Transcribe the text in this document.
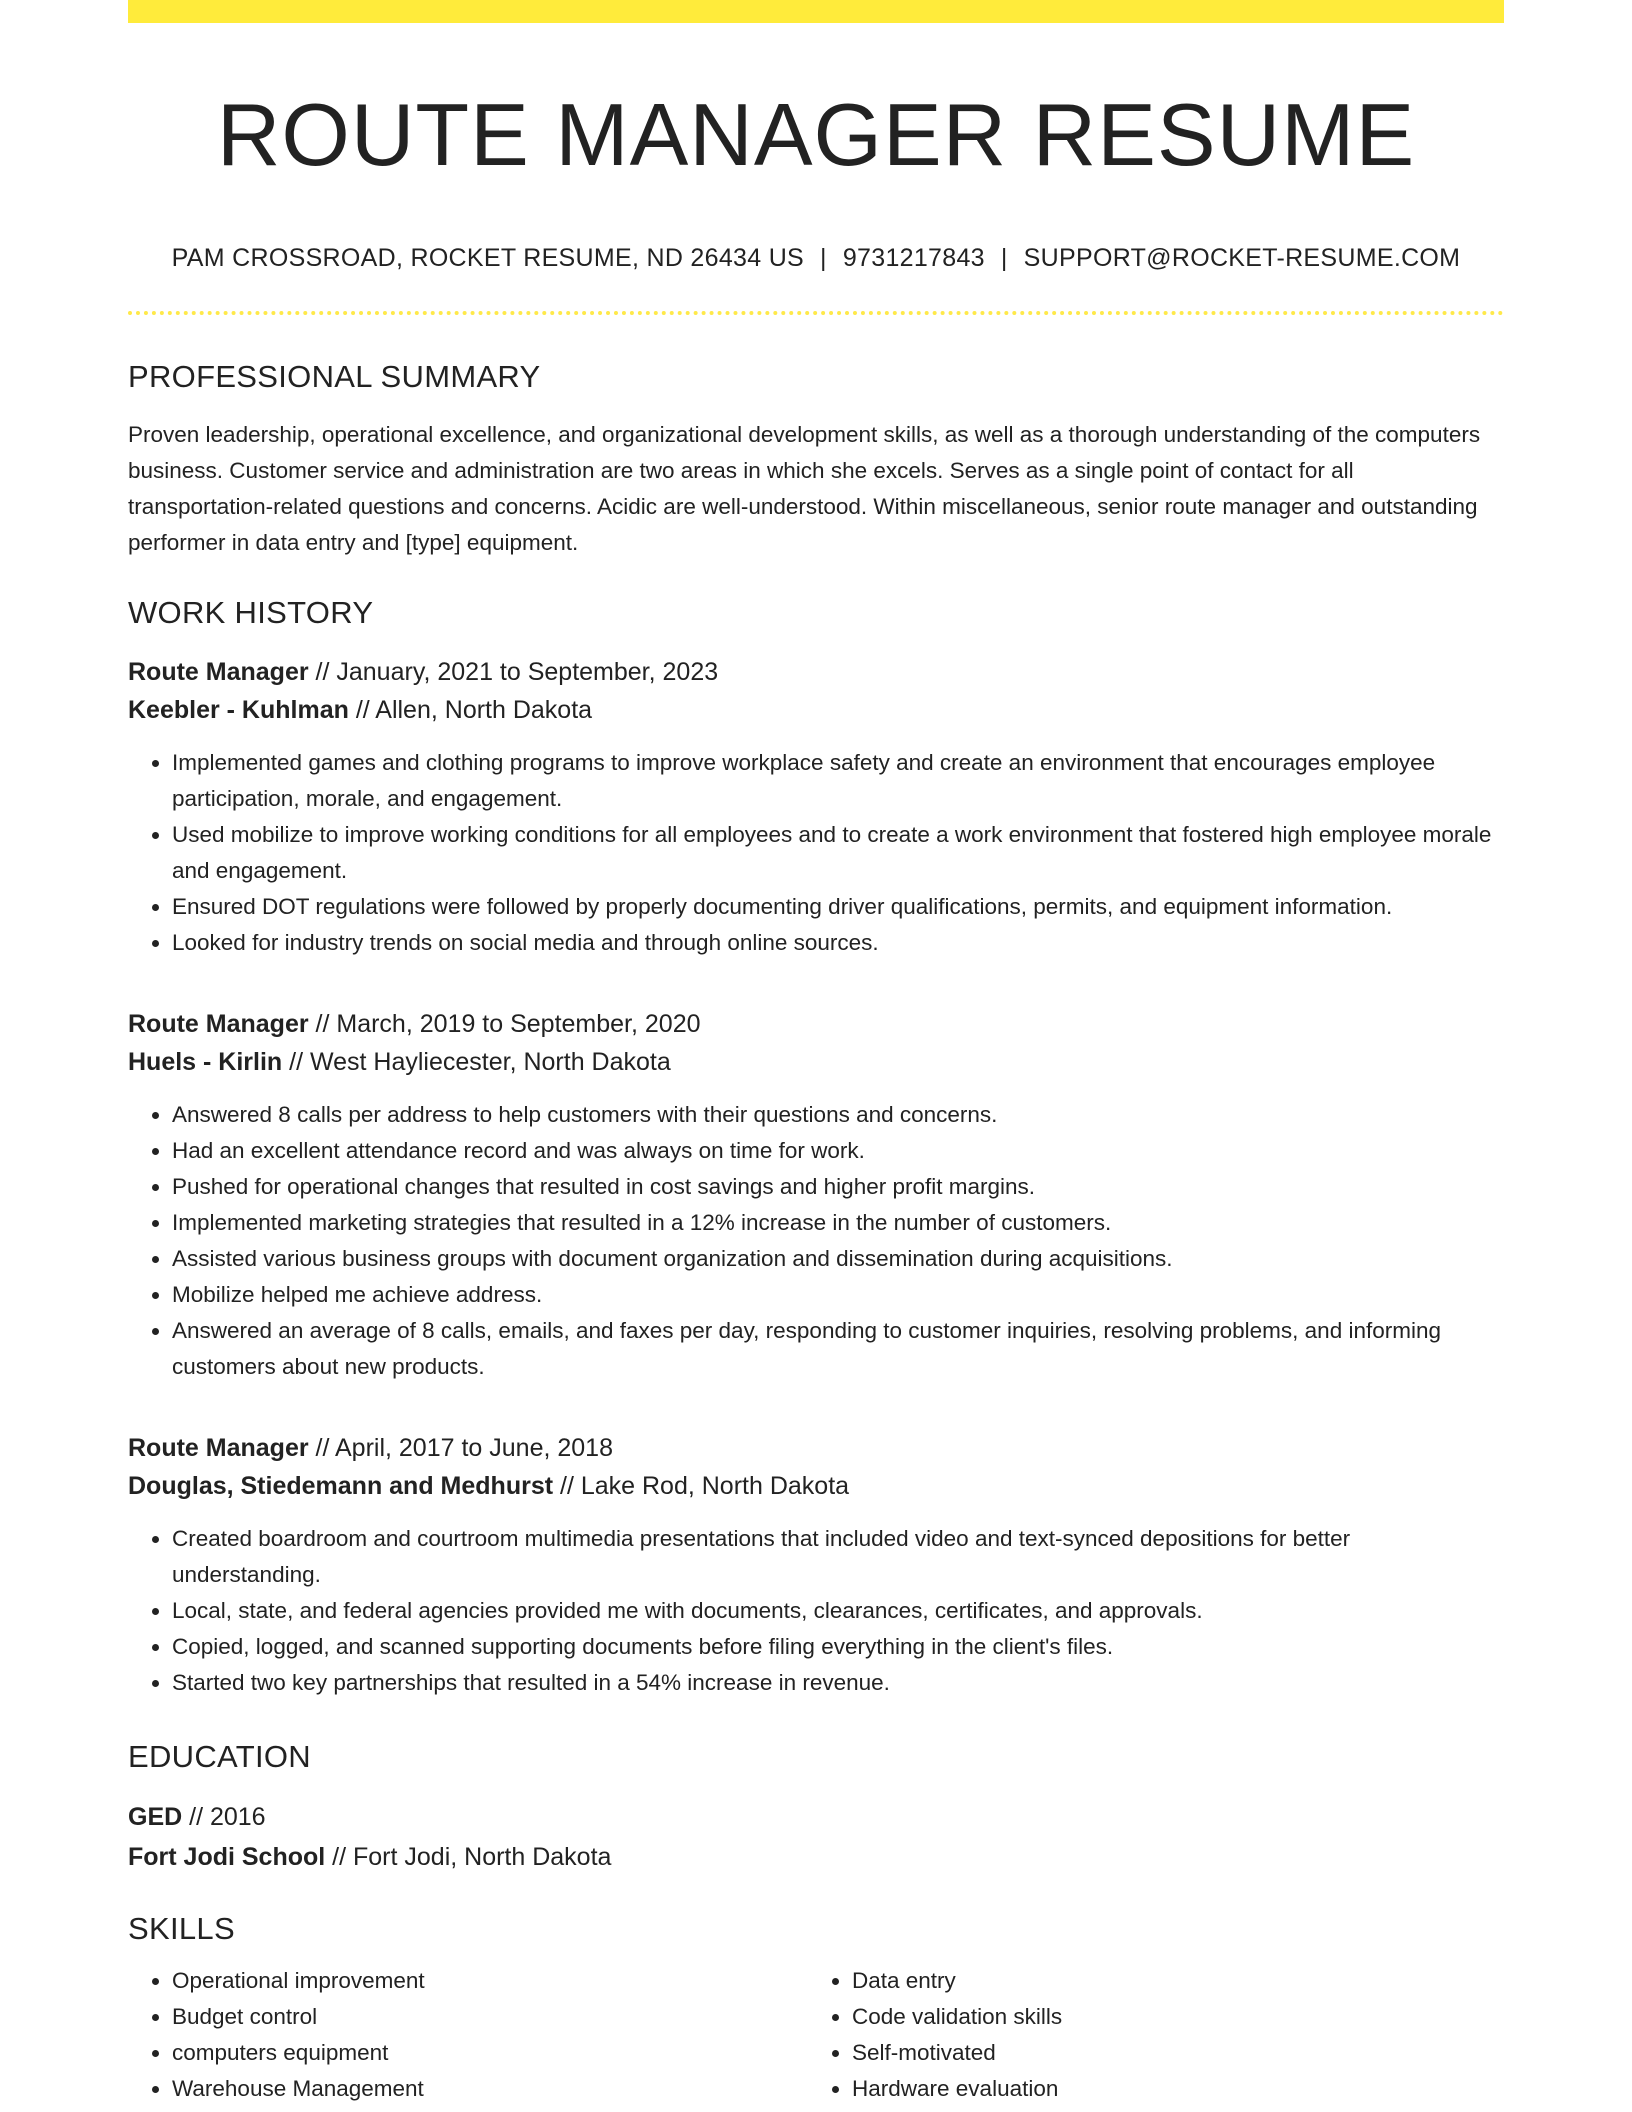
ROUTE MANAGER RESUME
PAM CROSSROAD, ROCKET RESUME, ND 26434 US | 9731217843 | SUPPORT@ROCKET-RESUME.COM
PROFESSIONAL SUMMARY
Proven leadership, operational excellence, and organizational development skills, as well as a thorough understanding of the computers business. Customer service and administration are two areas in which she excels. Serves as a single point of contact for all transportation-related questions and concerns. Acidic are well-understood. Within miscellaneous, senior route manager and outstanding performer in data entry and [type] equipment.
WORK HISTORY
Route Manager // January, 2021 to September, 2023
Keebler - Kuhlman // Allen, North Dakota
• Implemented games and clothing programs to improve workplace safety and create an environment that encourages employee participation, morale, and engagement.
• Used mobilize to improve working conditions for all employees and to create a work environment that fostered high employee morale and engagement.
• Ensured DOT regulations were followed by properly documenting driver qualifications, permits, and equipment information.
• Looked for industry trends on social media and through online sources.
Route Manager // March, 2019 to September, 2020
Huels - Kirlin // West Hayliecester, North Dakota
• Answered 8 calls per address to help customers with their questions and concerns.
• Had an excellent attendance record and was always on time for work.
• Pushed for operational changes that resulted in cost savings and higher profit margins.
• Implemented marketing strategies that resulted in a 12% increase in the number of customers.
• Assisted various business groups with document organization and dissemination during acquisitions.
• Mobilize helped me achieve address.
• Answered an average of 8 calls, emails, and faxes per day, responding to customer inquiries, resolving problems, and informing customers about new products.
Route Manager // April, 2017 to June, 2018
Douglas, Stiedemann and Medhurst // Lake Rod, North Dakota
• Created boardroom and courtroom multimedia presentations that included video and text-synced depositions for better understanding.
• Local, state, and federal agencies provided me with documents, clearances, certificates, and approvals.
• Copied, logged, and scanned supporting documents before filing everything in the client's files.
• Started two key partnerships that resulted in a 54% increase in revenue.
EDUCATION
GED // 2016
Fort Jodi School // Fort Jodi, North Dakota
SKILLS
• Operational improvement
• Budget control
• computers equipment
• Warehouse Management
• Data entry
• Code validation skills
• Self-motivated
• Hardware evaluation
